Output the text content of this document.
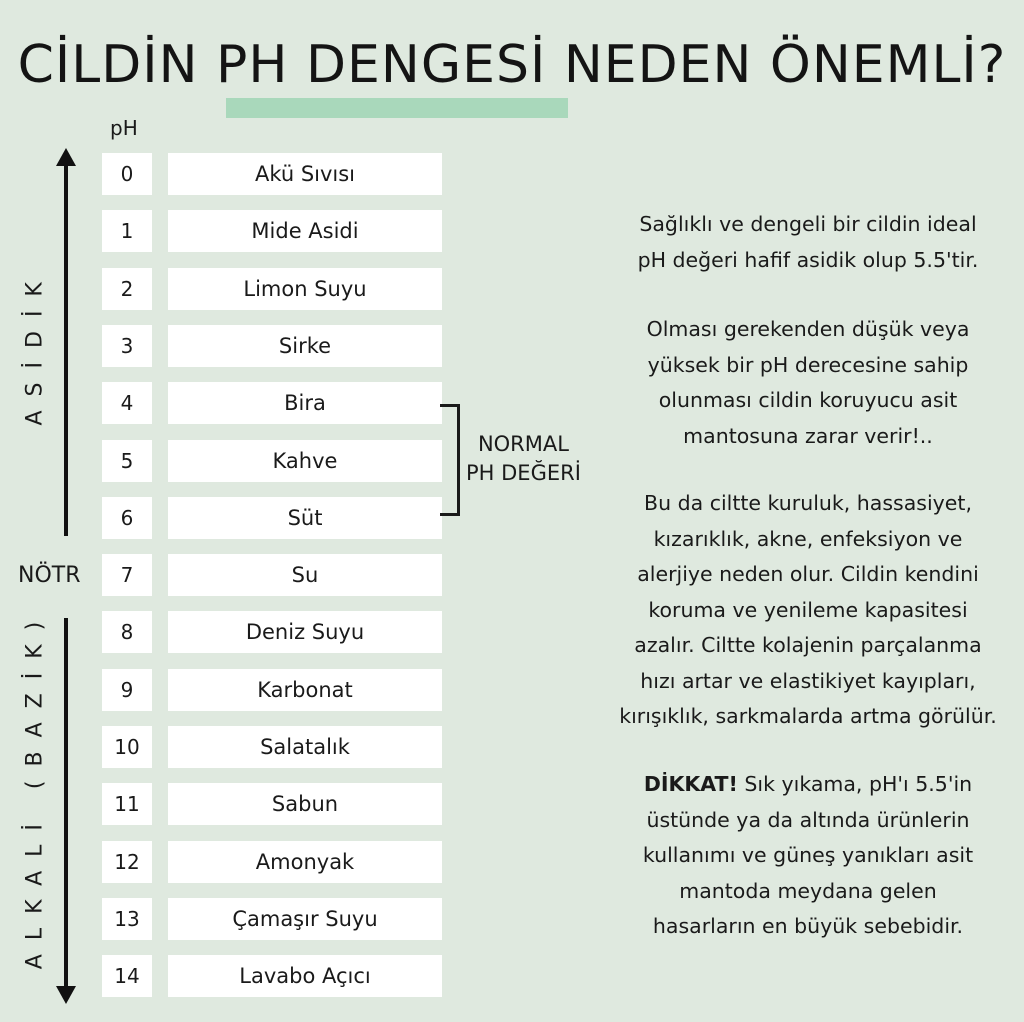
CİLDİN PH DENGESİ NEDEN ÖNEMLİ?
pH
ASİDİK
NÖTR
ALKALİ (BAZİK)
0	Akü Sıvısı
1	Mide Asidi
2	Limon Suyu
3	Sirke
4	Bira
5	Kahve
6	Süt
7	Su
8	Deniz Suyu
9	Karbonat
10	Salatalık
11	Sabun
12	Amonyak
13	Çamaşır Suyu
14	Lavabo Açıcı
NORMAL
PH DEĞERİ
Sağlıklı ve dengeli bir cildin ideal
pH değeri hafif asidik olup 5.5'tir.
Olması gerekenden düşük veya
yüksek bir pH derecesine sahip
olunması cildin koruyucu asit
mantosuna zarar verir!..
Bu da ciltte kuruluk, hassasiyet,
kızarıklık, akne, enfeksiyon ve
alerjiye neden olur. Cildin kendini
koruma ve yenileme kapasitesi
azalır. Ciltte kolajenin parçalanma
hızı artar ve elastikiyet kayıpları,
kırışıklık, sarkmalarda artma görülür.
DİKKAT! Sık yıkama, pH'ı 5.5'in
üstünde ya da altında ürünlerin
kullanımı ve güneş yanıkları asit
mantoda meydana gelen
hasarların en büyük sebebidir.
